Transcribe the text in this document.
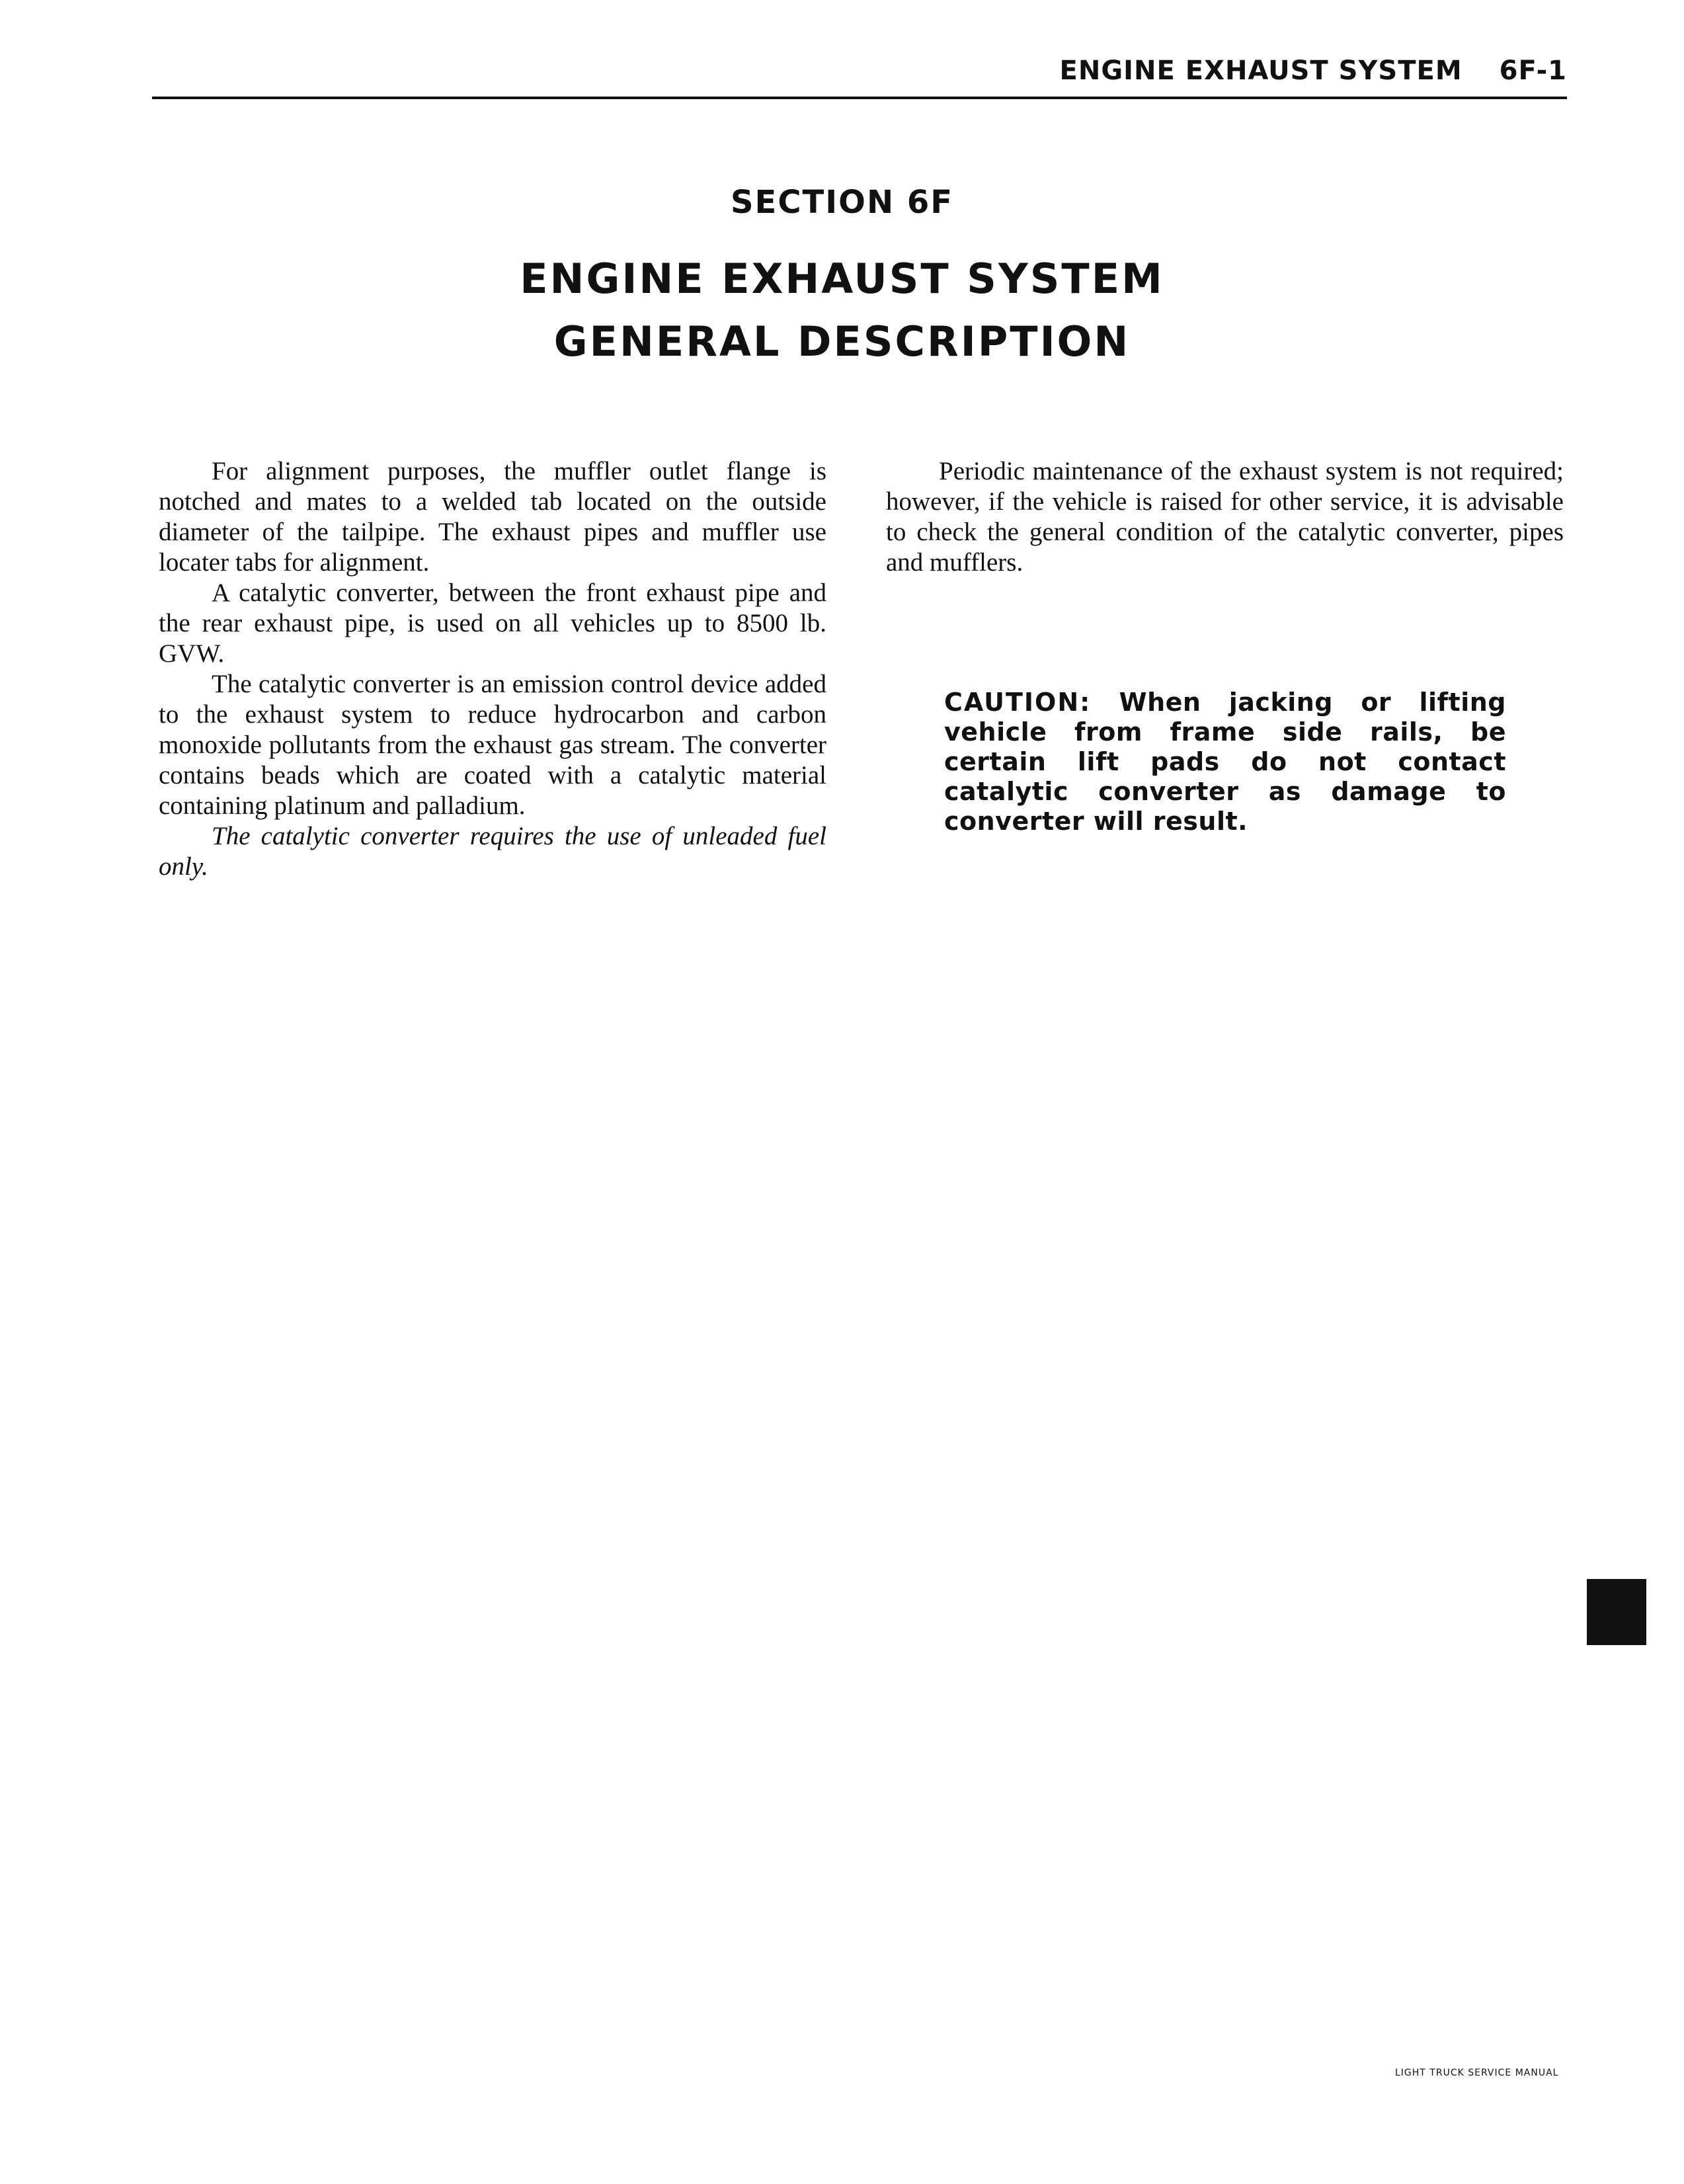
ENGINE EXHAUST SYSTEM 6F-1
SECTION 6F
ENGINE EXHAUST SYSTEM
GENERAL DESCRIPTION

For alignment purposes, the muffler outlet flange is notched and mates to a welded tab located on the outside diameter of the tailpipe. The exhaust pipes and muffler use locater tabs for alignment.

A catalytic converter, between the front exhaust pipe and the rear exhaust pipe, is used on all vehicles up to 8500 lb. GVW.

The catalytic converter is an emission control device added to the exhaust system to reduce hydrocarbon and carbon monoxide pollutants from the exhaust gas stream. The converter contains beads which are coated with a catalytic material containing platinum and palladium.

The catalytic converter requires the use of unleaded fuel only.

Periodic maintenance of the exhaust system is not required; however, if the vehicle is raised for other service, it is advisable to check the general condition of the catalytic converter, pipes and mufflers.

CAUTION: When jacking or lifting vehicle from frame side rails, be certain lift pads do not contact catalytic converter as damage to converter will result.
LIGHT TRUCK SERVICE MANUAL
